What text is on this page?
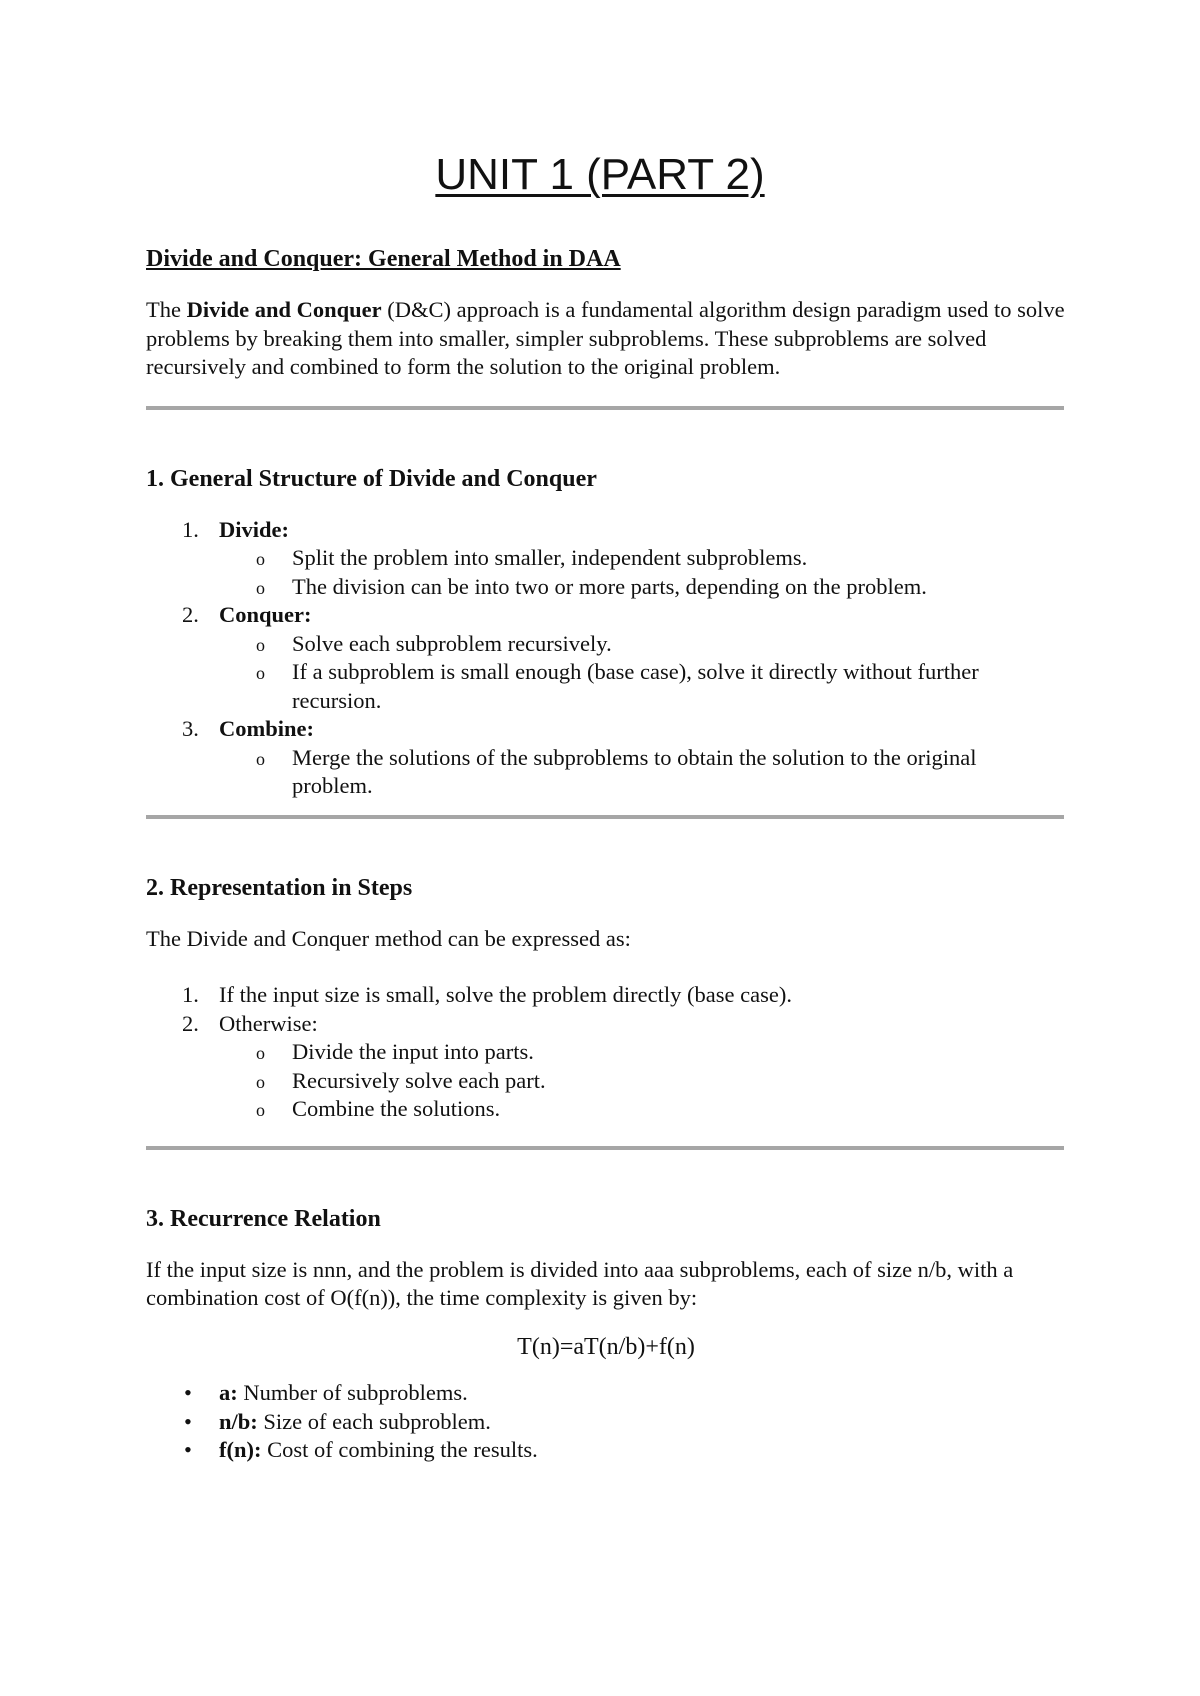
UNIT 1 (PART 2)
Divide and Conquer: General Method in DAA

The Divide and Conquer (D&C) approach is a fundamental algorithm design paradigm used to solve problems by breaking them into smaller, simpler subproblems. These subproblems are solved recursively and combined to form the solution to the original problem.

1. General Structure of Divide and Conquer
1. Divide:
o Split the problem into smaller, independent subproblems.
o The division can be into two or more parts, depending on the problem.
2. Conquer:
o Solve each subproblem recursively.
o If a subproblem is small enough (base case), solve it directly without further recursion.
3. Combine:
o Merge the solutions of the subproblems to obtain the solution to the original problem.
2. Representation in Steps

The Divide and Conquer method can be expressed as:

1. If the input size is small, solve the problem directly (base case).
2. Otherwise:
o Divide the input into parts.
o Recursively solve each part.
o Combine the solutions.
3. Recurrence Relation

If the input size is nnn, and the problem is divided into aaa subproblems, each of size n/b, with a combination cost of O(f(n)), the time complexity is given by:

T(n)=aT(n/b)+f(n)

• a: Number of subproblems.
• n/b: Size of each subproblem.
• f(n): Cost of combining the results.
